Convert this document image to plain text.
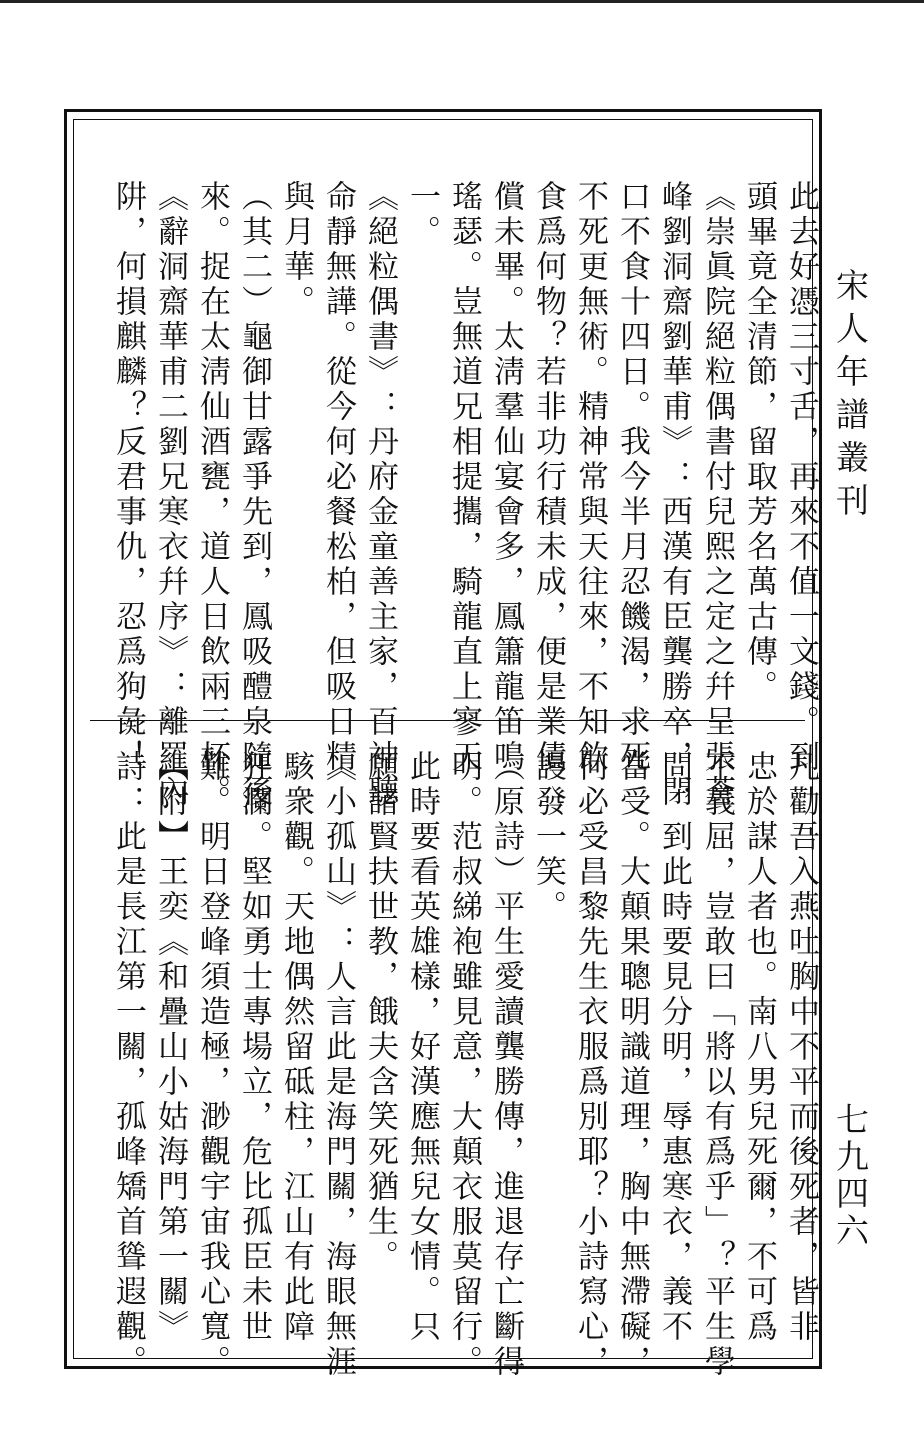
宋人年譜叢刊
七九四六
此去好憑三寸舌，再來不值一文錢。到
頭畢竟全清節，留取芳名萬古傳。
《崇眞院絕粒偶書付兒熙之定之幷呈張蒼
峰劉洞齋劉華甫》：西漢有臣龔勝卒，閉
口不食十四日。我今半月忍饑渴，求死
不死更無術。精神常與天往來，不知飲
食爲何物？若非功行積未成，便是業債
償未畢。太淸羣仙宴會多，鳳簫龍笛鳴
瑤瑟。豈無道兄相提攜，騎龍直上寥天
一。
《絕粒偶書》：丹府金童善主家，百神聽
命靜無譁。從今何必餐松柏，但吸日精
與月華。
（其二）龜御甘露爭先到，鳳吸醴泉隨後
來。捉在太淸仙酒甕，道人日飲兩三杯。
《辭洞齋華甫二劉兄寒衣幷序》：離羅內
阱，何損麒麟？反君事仇，忍爲狗彘！
凡勸吾入燕吐胸中不平而後死者，皆非
忠於謀人者也。南八男兒死爾，不可爲
不義屈，豈敢曰「將以有爲乎」？平生學
問，到此時要見分明，辱惠寒衣，義不
當受。大顛果聰明識道理，胸中無滯礙，
何必受昌黎先生衣服爲別耶？小詩寫心，
謾發一笑。
（原詩）平生愛讀龔勝傳，進退存亡斷得
明。范叔綈袍雖見意，大顛衣服莫留行。
此時要看英雄樣，好漢應無兒女情。只
願諸賢扶世教，餓夫含笑死猶生。
《小孤山》：人言此是海門關，海眼無涯
駭衆觀。天地偶然留砥柱，江山有此障
狂瀾。堅如勇士專場立，危比孤臣未世
難。明日登峰須造極，渺觀宇宙我心寬。
【附】王奕《和疊山小姑海門第一關》
詩：此是長江第一關，孤峰矯首聳遐觀。
